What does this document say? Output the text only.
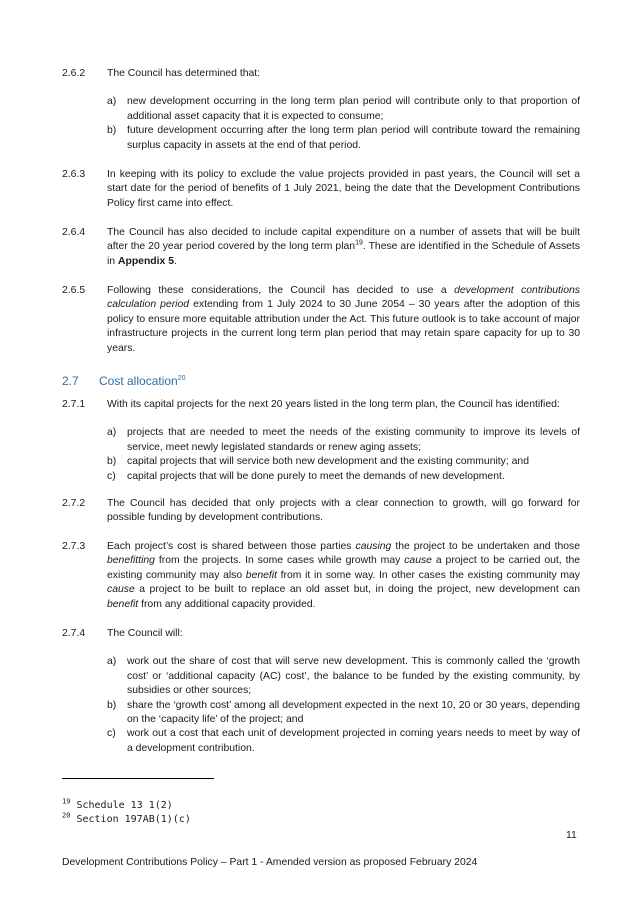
2.6.2	The Council has determined that:

a) new development occurring in the long term plan period will contribute only to that proportion of additional asset capacity that it is expected to consume;
b) future development occurring after the long term plan period will contribute toward the remaining surplus capacity in assets at the end of that period.
2.6.3	In keeping with its policy to exclude the value projects provided in past years, the Council will set a start date for the period of benefits of 1 July 2021, being the date that the Development Contributions Policy first came into effect.

2.6.4	The Council has also decided to include capital expenditure on a number of assets that will be built after the 20 year period covered by the long term plan$^{19}$. These are identified in the Schedule of Assets in Appendix 5.

2.6.5	Following these considerations, the Council has decided to use a development contributions calculation period extending from 1 July 2024 to 30 June 2054 – 30 years after the adoption of this policy to ensure more equitable attribution under the Act. This future outlook is to take account of major infrastructure projects in the current long term plan period that may retain spare capacity for up to 30 years.

2.7 Cost allocation$^{20}$
2.7.1	With its capital projects for the next 20 years listed in the long term plan, the Council has identified:

a) projects that are needed to meet the needs of the existing community to improve its levels of service, meet newly legislated standards or renew aging assets;
b) capital projects that will service both new development and the existing community; and
c) capital projects that will be done purely to meet the demands of new development.
2.7.2	The Council has decided that only projects with a clear connection to growth, will go forward for possible funding by development contributions.

2.7.3	Each project’s cost is shared between those parties causing the project to be undertaken and those benefitting from the projects. In some cases while growth may cause a project to be carried out, the existing community may also benefit from it in some way. In other cases the existing community may cause a project to be built to replace an old asset but, in doing the project, new development can benefit from any additional capacity provided.

2.7.4	The Council will:

a) work out the share of cost that will serve new development. This is commonly called the ‘growth cost’ or ‘additional capacity (AC) cost’, the balance to be funded by the existing community, by subsidies or other sources;
b) share the ‘growth cost’ among all development expected in the next 10, 20 or 30 years, depending on the ‘capacity life’ of the project; and
c) work out a cost that each unit of development projected in coming years needs to meet by way of a development contribution.
$^{19}$ Schedule 13 1(2)
$^{20}$ Section 197AB(1)(c)
11
Development Contributions Policy – Part 1 - Amended version as proposed February 2024
